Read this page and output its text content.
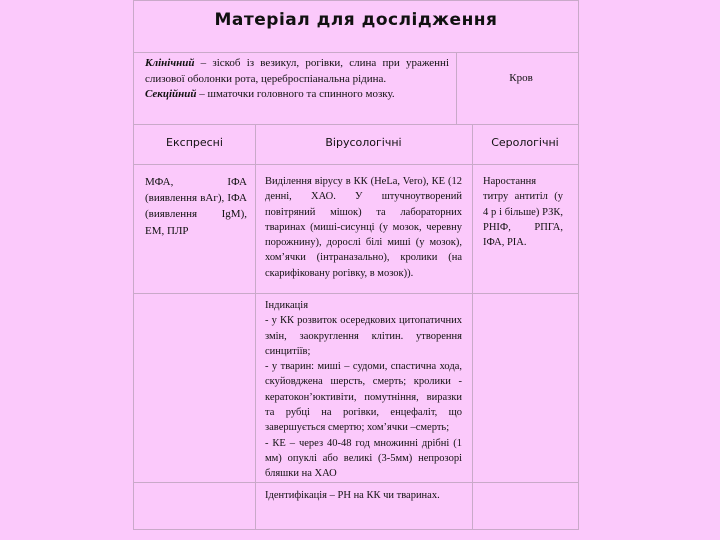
Матеріал для дослідження
Клінічний – зіскоб із везикул, рогівки, слина при ураженні слизової оболонки рота, цереброспіанальна рідина.
Секційний – шматочки головного та спинного мозку.
Кров
Експресні	Вірусологічні	Серологічні
МФА, ІФА (виявлення вАг), ІФА (виявлення IgM), ЕМ, ПЛР
Виділення вірусу в КК (HeLa, Vero), КЕ (12 денні, ХАО. У штучноутворений повітряний мішок) та лабораторних тваринах (миші-сисунці (у мозок, черевну порожнину), дорослі білі миші (у мозок), хом’ячки (інтраназально), кролики (на скарифіковану рогівку, в мозок)).
Наростання титру антитіл (у 4 р і більше) РЗК, РНІФ, РПГА, ІФА, РІА.
Індикація
- у КК розвиток осередкових цитопатичних змін, заокруглення клітин. утворення синцитіїв;
- у тварин: миші – судоми, спастична хода, скуйовджена шерсть, смерть; кролики - кератокон’юктивіти, помутніння, виразки та рубці на рогівки, енцефаліт, що завершується смертю; хом’ячки –смерть;
- КЕ – через 40-48 год множинні дрібні (1 мм) опуклі або великі (3-5мм) непрозорі бляшки на ХАО
Ідентифікація – РН на КК чи тваринах.
